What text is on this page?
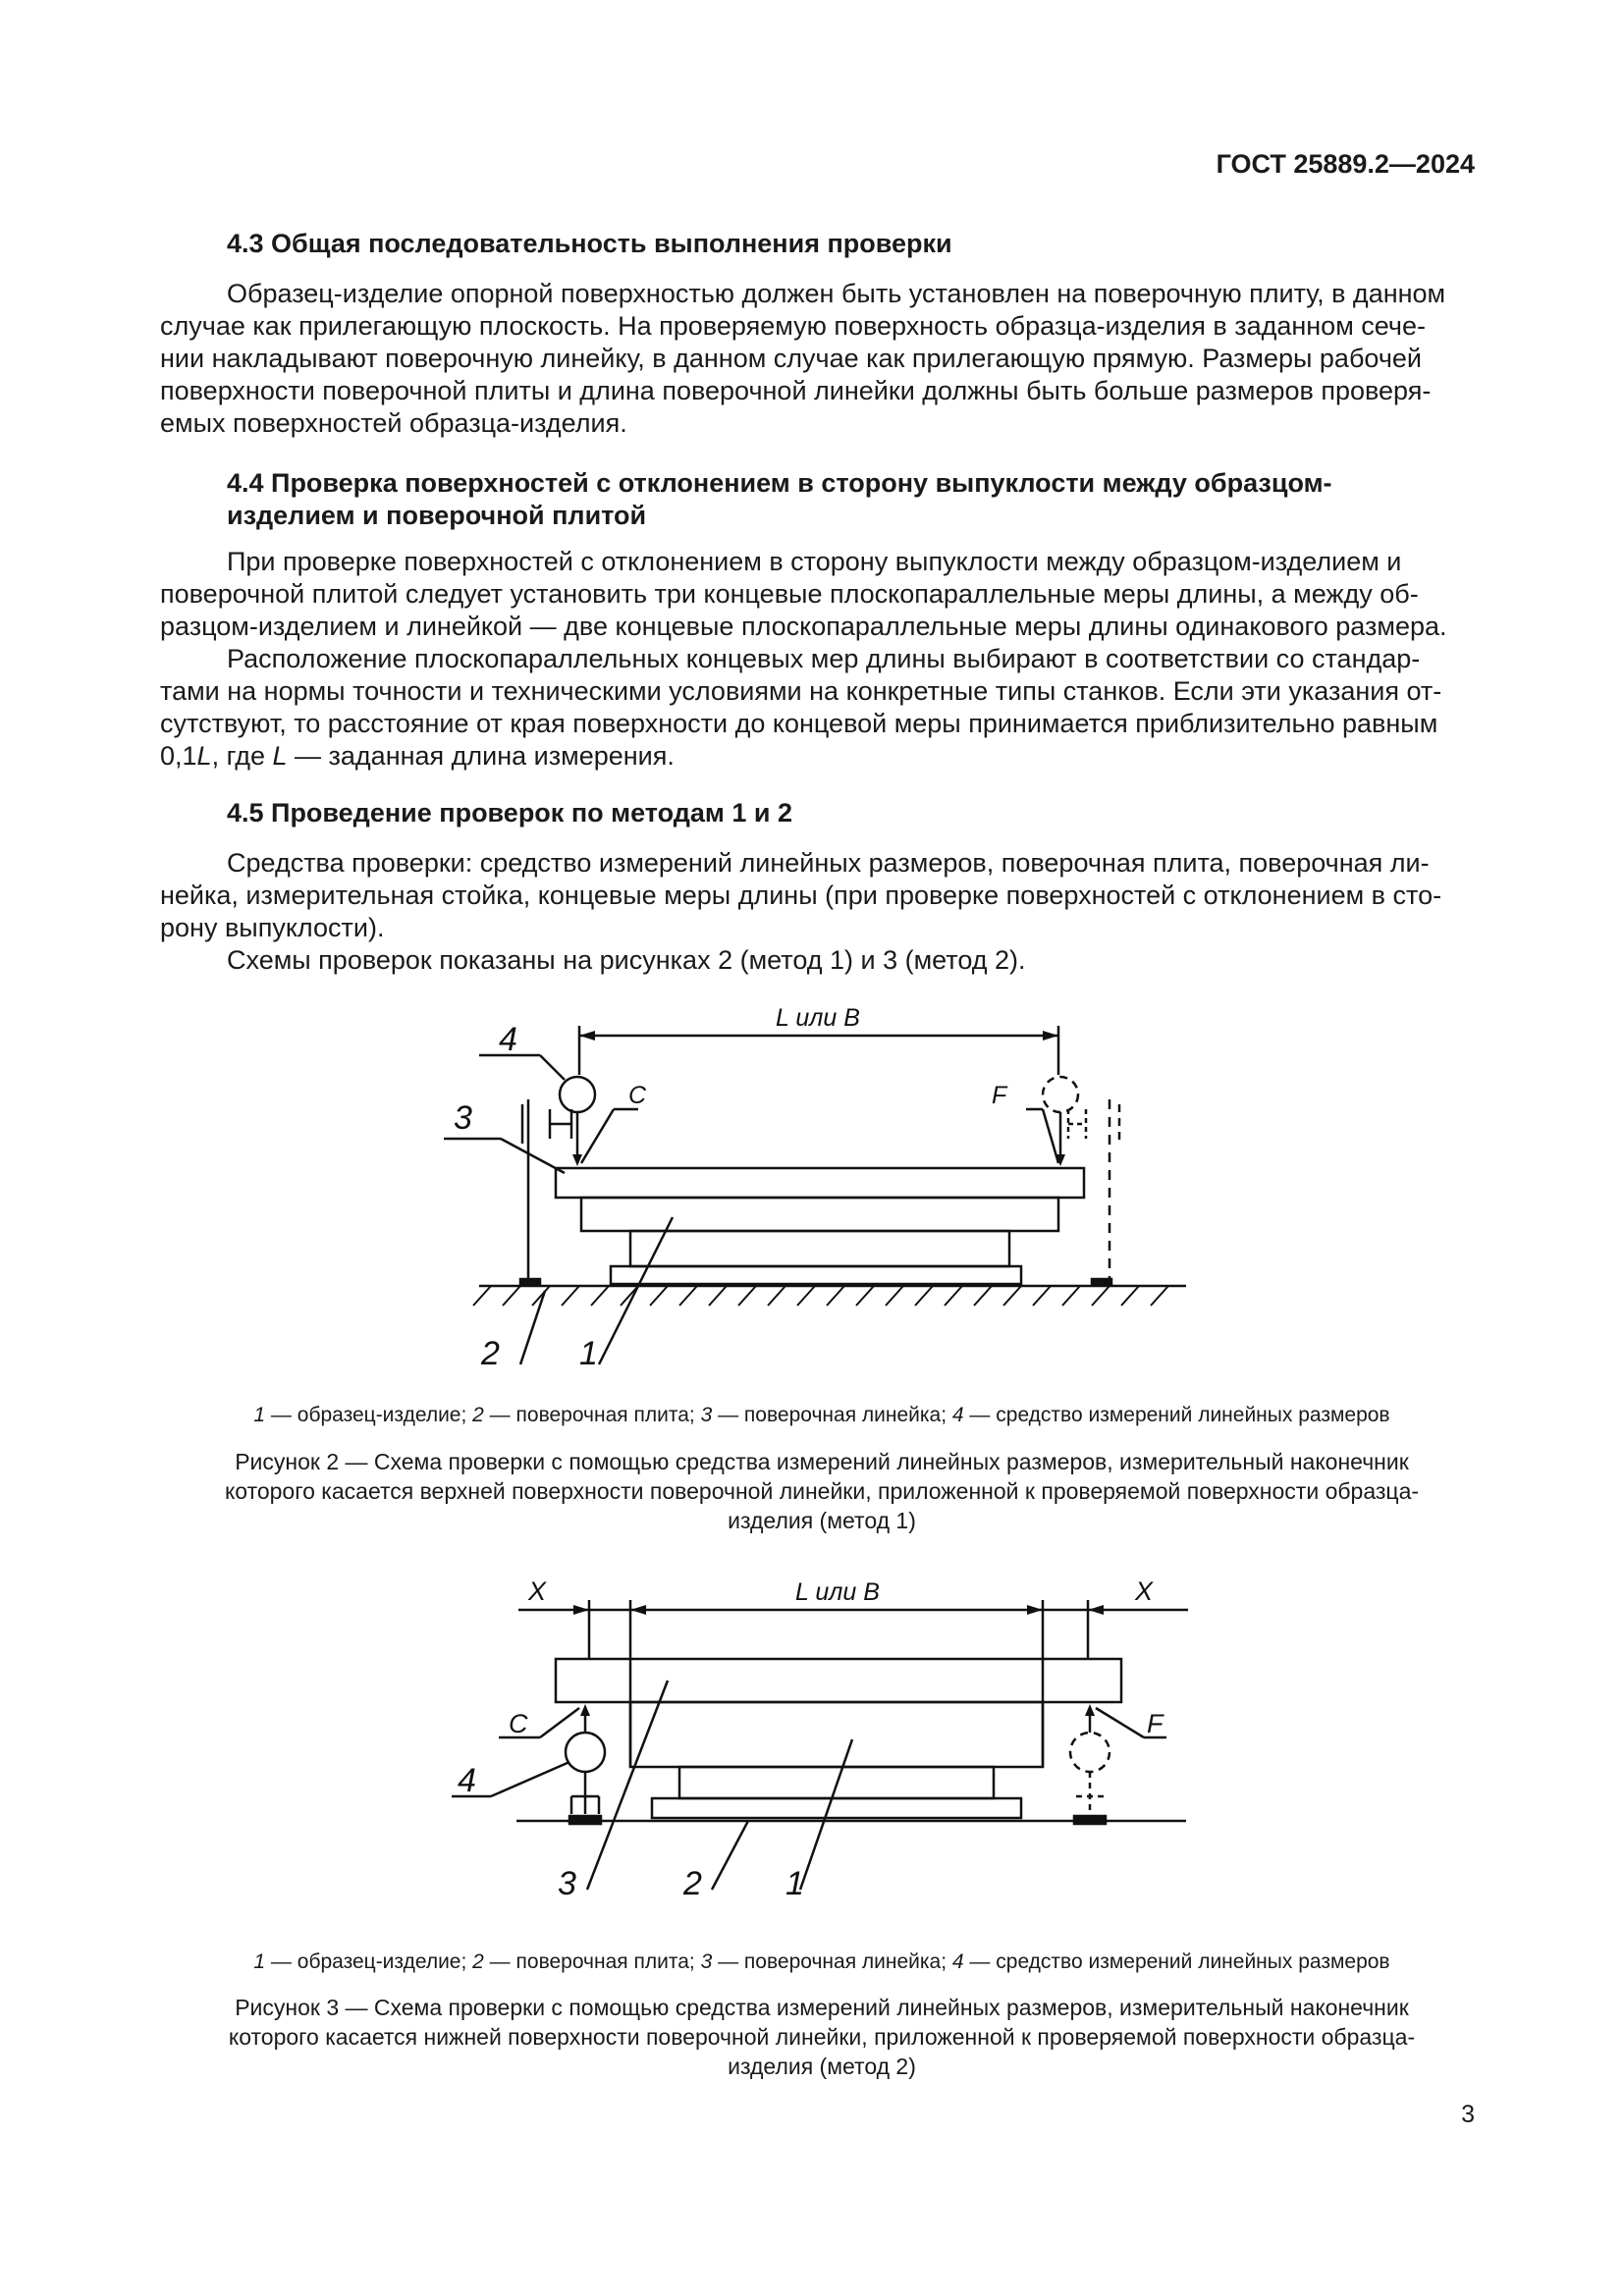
ГОСТ 25889.2—2024
4.3 Общая последовательность выполнения проверки
Образец-изделие опорной поверхностью должен быть установлен на поверочную плиту, в данном
случае как прилегающую плоскость. На проверяемую поверхность образца-изделия в заданном сече-
нии накладывают поверочную линейку, в данном случае как прилегающую прямую. Размеры рабочей
поверхности поверочной плиты и длина поверочной линейки должны быть больше размеров проверя-
емых поверхностей образца-изделия.
4.4 Проверка поверхностей с отклонением в сторону выпуклости между образцом-
изделием и поверочной плитой
При проверке поверхностей с отклонением в сторону выпуклости между образцом-изделием и
поверочной плитой следует установить три концевые плоскопараллельные меры длины, а между об-
разцом-изделием и линейкой — две концевые плоскопараллельные меры длины одинакового размера.
Расположение плоскопараллельных концевых мер длины выбирают в соответствии со стандар-
тами на нормы точности и техническими условиями на конкретные типы станков. Если эти указания от-
сутствуют, то расстояние от края поверхности до концевой меры принимается приблизительно равным
0,1L, где L — заданная длина измерения.
4.5 Проведение проверок по методам 1 и 2
Средства проверки: средство измерений линейных размеров, поверочная плита, поверочная ли-
нейка, измерительная стойка, концевые меры длины (при проверке поверхностей с отклонением в сто-
рону выпуклости).
Схемы проверок показаны на рисунках 2 (метод 1) и 3 (метод 2).
L или B
4
3
C	F
2 1
1 — образец-изделие; 2 — поверочная плита; 3 — поверочная линейка; 4 — средство измерений линейных размеров
Рисунок 2 — Схема проверки с помощью средства измерений линейных размеров, измерительный наконечник
которого касается верхней поверхности поверочной линейки, приложенной к проверяемой поверхности образца-
изделия (метод 1)
X	X
L или B
C	F
4
3	2	1
1 — образец-изделие; 2 — поверочная плита; 3 — поверочная линейка; 4 — средство измерений линейных размеров
Рисунок 3 — Схема проверки с помощью средства измерений линейных размеров, измерительный наконечник
которого касается нижней поверхности поверочной линейки, приложенной к проверяемой поверхности образца-
изделия (метод 2)
3
